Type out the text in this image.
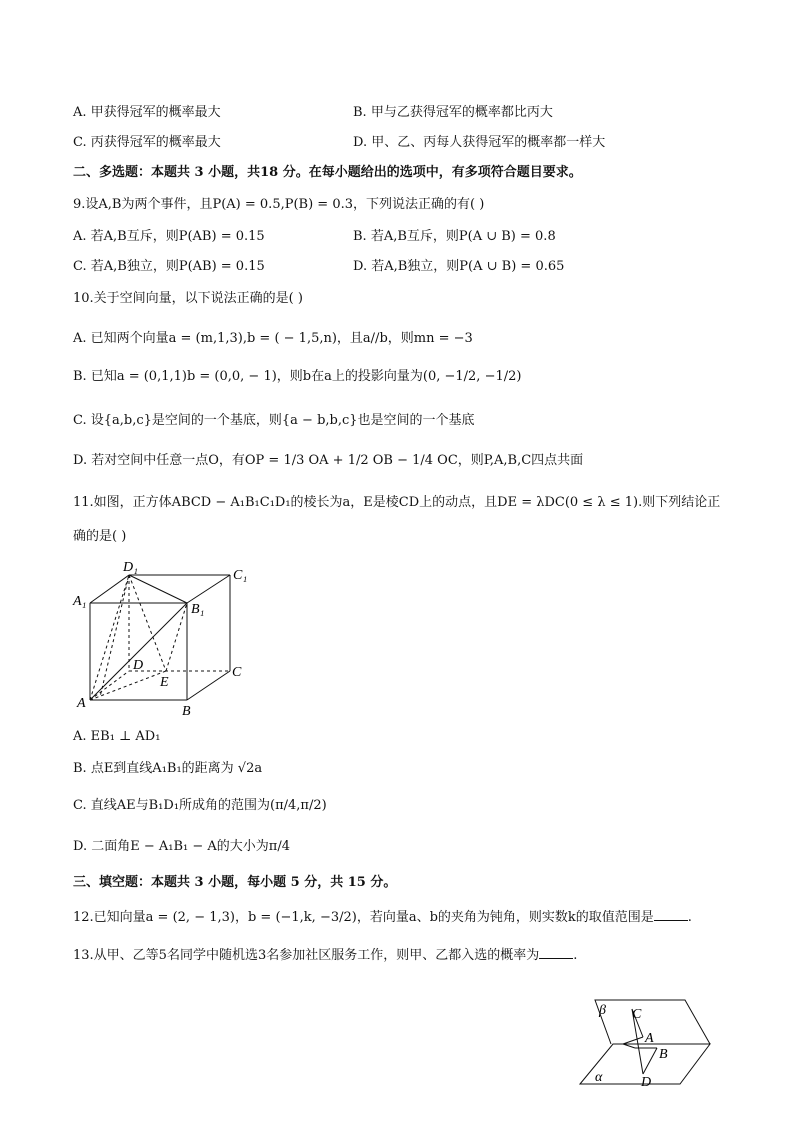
A. 甲获得冠军的概率最大	B. 甲与乙获得冠军的概率都比丙大
C. 丙获得冠军的概率最大	D. 甲、乙、丙每人获得冠军的概率都一样大
二、多选题：本题共 3 小题，共18 分。在每小题给出的选项中，有多项符合题目要求。
9.设A,B为两个事件，且P(A) = 0.5,P(B) = 0.3，下列说法正确的有( )
A. 若A,B互斥，则P(AB) = 0.15	B. 若A,B互斥，则P(A ∪ B) = 0.8
C. 若A,B独立，则P(AB) = 0.15	D. 若A,B独立，则P(A ∪ B) = 0.65
10.关于空间向量，以下说法正确的是( )
A. 已知两个向量a = (m,1,3),b = ( − 1,5,n)，且a//b，则mn = −3
B. 已知a = (0,1,1)b = (0,0, − 1)，则b在a上的投影向量为(0, −1/2, −1/2)
C. 设{a,b,c}是空间的一个基底，则{a − b,b,c}也是空间的一个基底
D. 若对空间中任意一点O，有OP = 1/3 OA + 1/2 OB − 1/4 OC，则P,A,B,C四点共面
11.如图，正方体ABCD − A₁B₁C₁D₁的棱长为a，E是棱CD上的动点，且DE = λDC(0 ≤ λ ≤ 1).则下列结论正
确的是( )
D₁
C₁
A₁
B₁
D
E
C
A
B
A. EB₁ ⊥ AD₁
B. 点E到直线A₁B₁的距离为 √2a
C. 直线AE与B₁D₁所成角的范围为(π/4,π/2)
D. 二面角E − A₁B₁ − A的大小为π/4
三、填空题：本题共 3 小题，每小题 5 分，共 15 分。
12.已知向量a = (2, − 1,3)，b = (−1,k, −3/2)，若向量a、b的夹角为钝角，则实数k的取值范围是	.
13.从甲、乙等5名同学中随机选3名参加社区服务工作，则甲、乙都入选的概率为	.
β
α
C
A
B
D
